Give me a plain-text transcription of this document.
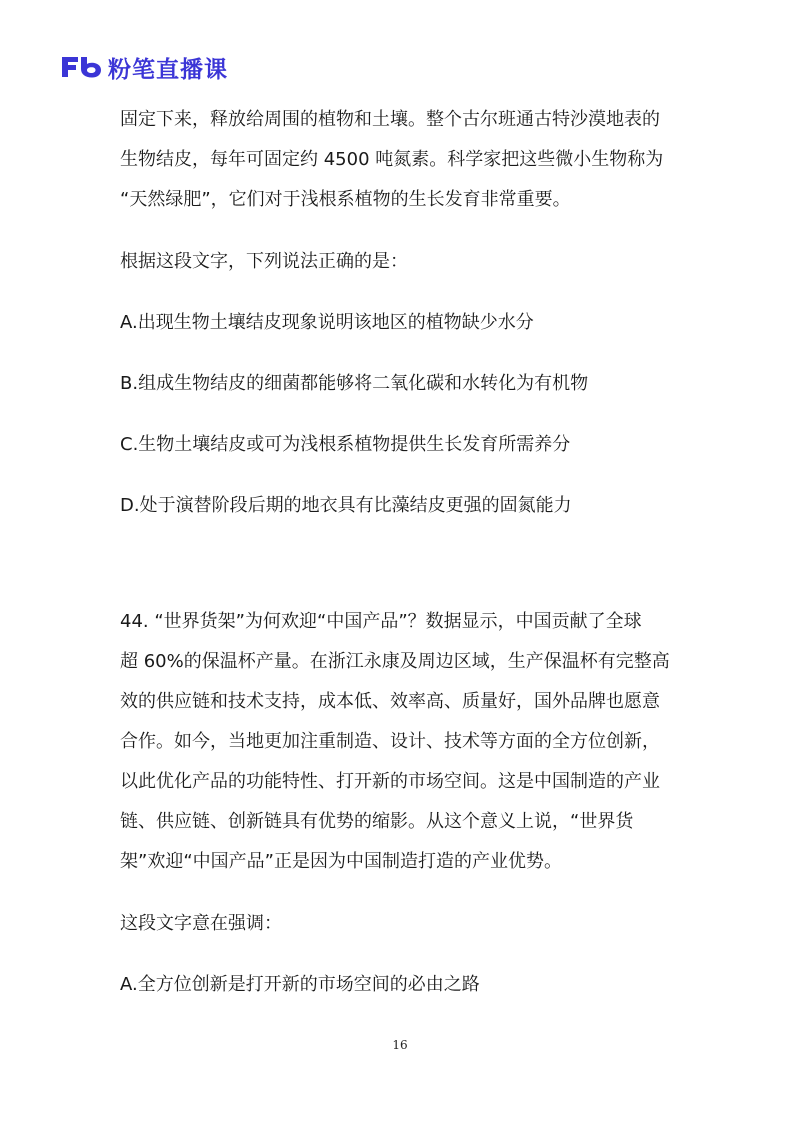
粉笔直播课
固定下来，释放给周围的植物和土壤。整个古尔班通古特沙漠地表的
生物结皮，每年可固定约 4500 吨氮素。科学家把这些微小生物称为
“天然绿肥”，它们对于浅根系植物的生长发育非常重要。
根据这段文字，下列说法正确的是：
A.出现生物土壤结皮现象说明该地区的植物缺少水分
B.组成生物结皮的细菌都能够将二氧化碳和水转化为有机物
C.生物土壤结皮或可为浅根系植物提供生长发育所需养分
D.处于演替阶段后期的地衣具有比藻结皮更强的固氮能力
44. “世界货架”为何欢迎“中国产品”？数据显示，中国贡献了全球
超 60%的保温杯产量。在浙江永康及周边区域，生产保温杯有完整高
效的供应链和技术支持，成本低、效率高、质量好，国外品牌也愿意
合作。如今，当地更加注重制造、设计、技术等方面的全方位创新，
以此优化产品的功能特性、打开新的市场空间。这是中国制造的产业
链、供应链、创新链具有优势的缩影。从这个意义上说，“世界货
架”欢迎“中国产品”正是因为中国制造打造的产业优势。
这段文字意在强调：
A.全方位创新是打开新的市场空间的必由之路
16
